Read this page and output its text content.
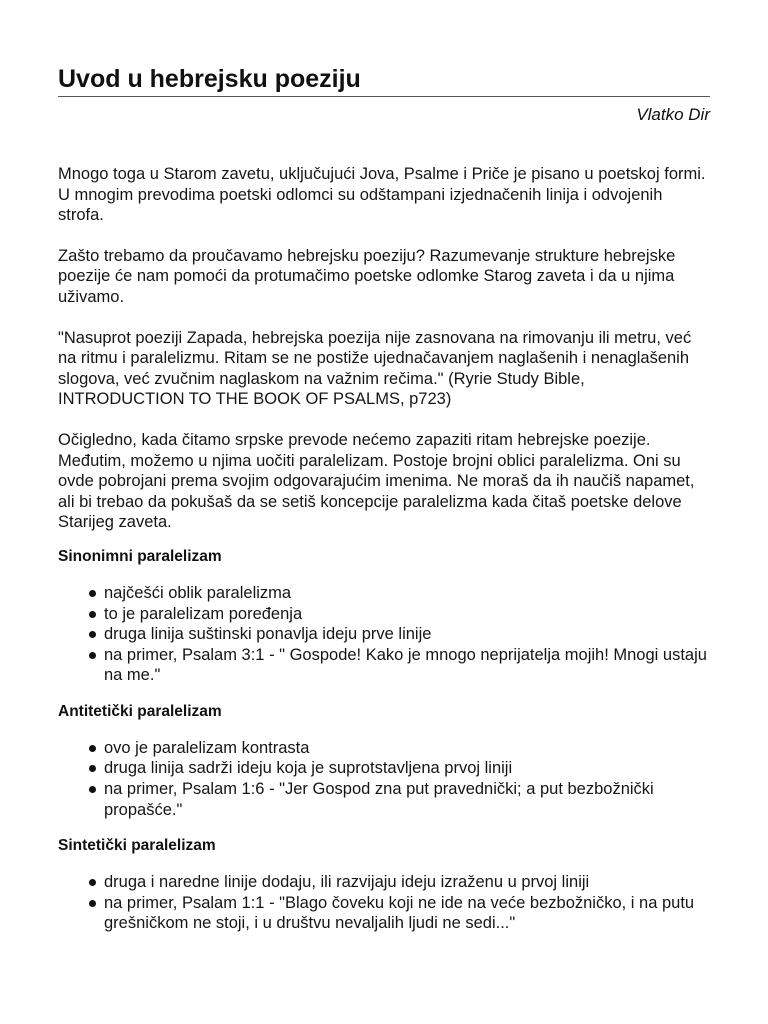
Uvod u hebrejsku poeziju
Vlatko Dir

Mnogo toga u Starom zavetu, uključujući Jova, Psalme i Priče je pisano u poetskoj formi. U mnogim prevodima poetski odlomci su odštampani izjednačenih linija i odvojenih strofa.

Zašto trebamo da proučavamo hebrejsku poeziju? Razumevanje strukture hebrejske poezije će nam pomoći da protumačimo poetske odlomke Starog zaveta i da u njima uživamo.

"Nasuprot poeziji Zapada, hebrejska poezija nije zasnovana na rimovanju ili metru, već na ritmu i paralelizmu. Ritam se ne postiže ujednačavanjem naglašenih i nenaglašenih slogova, već zvučnim naglaskom na važnim rečima." (Ryrie Study Bible, INTRODUCTION TO THE BOOK OF PSALMS, p723)

Očigledno, kada čitamo srpske prevode nećemo zapaziti ritam hebrejske poezije. Međutim, možemo u njima uočiti paralelizam. Postoje brojni oblici paralelizma. Oni su ovde pobrojani prema svojim odgovarajućim imenima. Ne moraš da ih naučiš napamet, ali bi trebao da pokušaš da se setiš koncepcije paralelizma kada čitaš poetske delove Starijeg zaveta.

Sinonimni paralelizam
najčešći oblik paralelizma
to je paralelizam poređenja
druga linija suštinski ponavlja ideju prve linije
na primer, Psalam 3:1 - " Gospode! Kako je mnogo neprijatelja mojih! Mnogi ustaju na me."
Antitetički paralelizam
ovo je paralelizam kontrasta
druga linija sadrži ideju koja je suprotstavljena prvoj liniji
na primer, Psalam 1:6 - "Jer Gospod zna put pravednički; a put bezbožnički propašće."
Sintetički paralelizam
druga i naredne linije dodaju, ili razvijaju ideju izraženu u prvoj liniji
na primer, Psalam 1:1 - "Blago čoveku koji ne ide na veće bezbožničko, i na putu grešničkom ne stoji, i u društvu nevaljalih ljudi ne sedi..."
